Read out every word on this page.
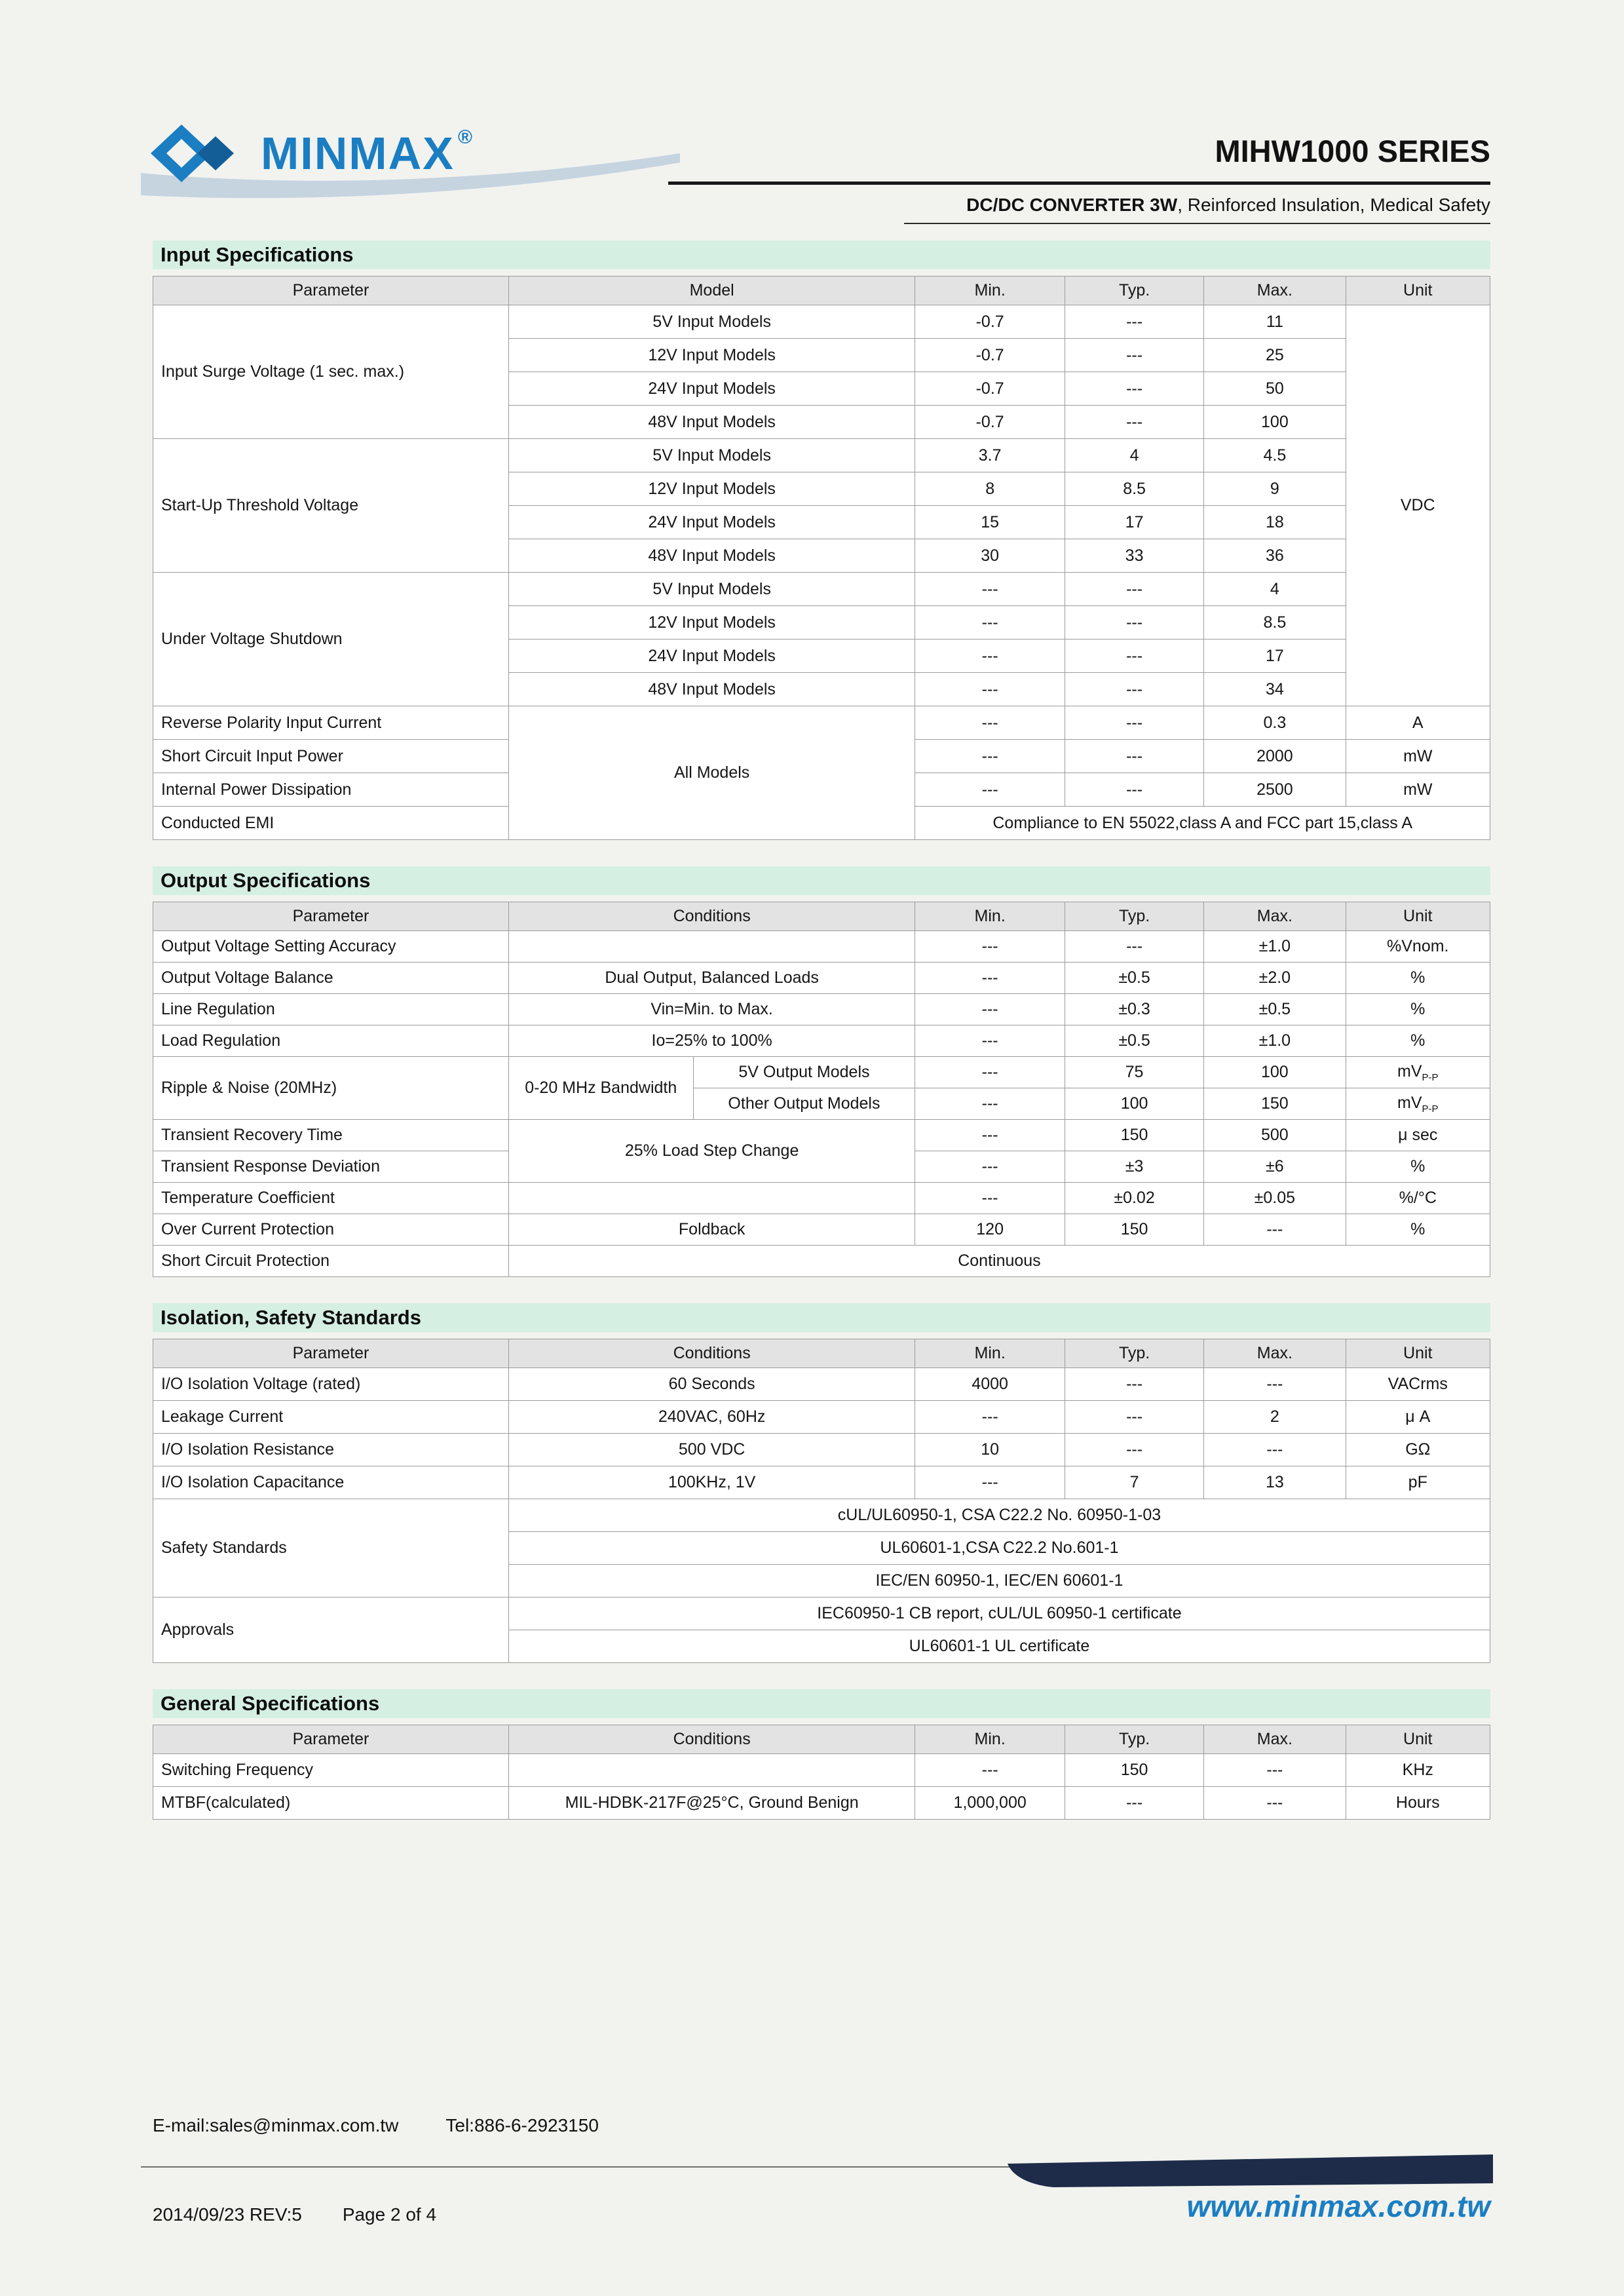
MINMAX ®	MIHW1000 SERIES
DC/DC CONVERTER 3W, Reinforced Insulation, Medical Safety
Input Specifications
Parameter	Model	Min.	Typ.	Max.	Unit
Input Surge Voltage (1 sec. max.)	5V Input Models	-0.7	---	11	VDC
	12V Input Models	-0.7	---	25	
	24V Input Models	-0.7	---	50	
	48V Input Models	-0.7	---	100	
Start-Up Threshold Voltage	5V Input Models	3.7	4	4.5	
	12V Input Models	8	8.5	9	
	24V Input Models	15	17	18	
	48V Input Models	30	33	36	
Under Voltage Shutdown	5V Input Models	---	---	4	
	12V Input Models	---	---	8.5	
	24V Input Models	---	---	17	
	48V Input Models	---	---	34	
Reverse Polarity Input Current	All Models	---	---	0.3	A
Short Circuit Input Power		---	---	2000	mW
Internal Power Dissipation		---	---	2500	mW
Conducted EMI		Compliance to EN 55022,class A and FCC part 15,class A			
Output Specifications
Parameter	Conditions		Min.	Typ.	Max.	Unit
Output Voltage Setting Accuracy			---	---	±1.0	%Vnom.
Output Voltage Balance	Dual Output, Balanced Loads		---	±0.5	±2.0	%
Line Regulation	Vin=Min. to Max.		---	±0.3	±0.5	%
Load Regulation	Io=25% to 100%		---	±0.5	±1.0	%
Ripple & Noise (20MHz)	0-20 MHz Bandwidth	5V Output Models	---	75	100	$mV_{P-P}$
		Other Output Models	---	100	150	$mV_{P-P}$
Transient Recovery Time	25% Load Step Change		---	150	500	μ sec
Transient Response Deviation			---	±3	±6	%
Temperature Coefficient			---	±0.02	±0.05	%/°C
Over Current Protection	Foldback		120	150	---	%
Short Circuit Protection	Continuous					
Isolation, Safety Standards
Parameter	Conditions	Min.	Typ.	Max.	Unit
I/O Isolation Voltage (rated)	60 Seconds	4000	---	---	VACrms
Leakage Current	240VAC, 60Hz	---	---	2	μ A
I/O Isolation Resistance	500 VDC	10	---	---	GΩ
I/O Isolation Capacitance	100KHz, 1V	---	7	13	pF
Safety Standards	cUL/UL60950-1, CSA C22.2 No. 60950-1-03				
	UL60601-1,CSA C22.2 No.601-1				
	IEC/EN 60950-1, IEC/EN 60601-1				
Approvals	IEC60950-1 CB report, cUL/UL 60950-1 certificate				
	UL60601-1 UL certificate				
General Specifications
Parameter	Conditions	Min.	Typ.	Max.	Unit
Switching Frequency		---	150	---	KHz
MTBF(calculated)	MIL-HDBK-217F@25°C, Ground Benign	1,000,000	---	---	Hours
E-mail:sales@minmax.com.tw	Tel:886-6-2923150
www.minmax.com.tw
2014/09/23 REV:5 Page 2 of 4
